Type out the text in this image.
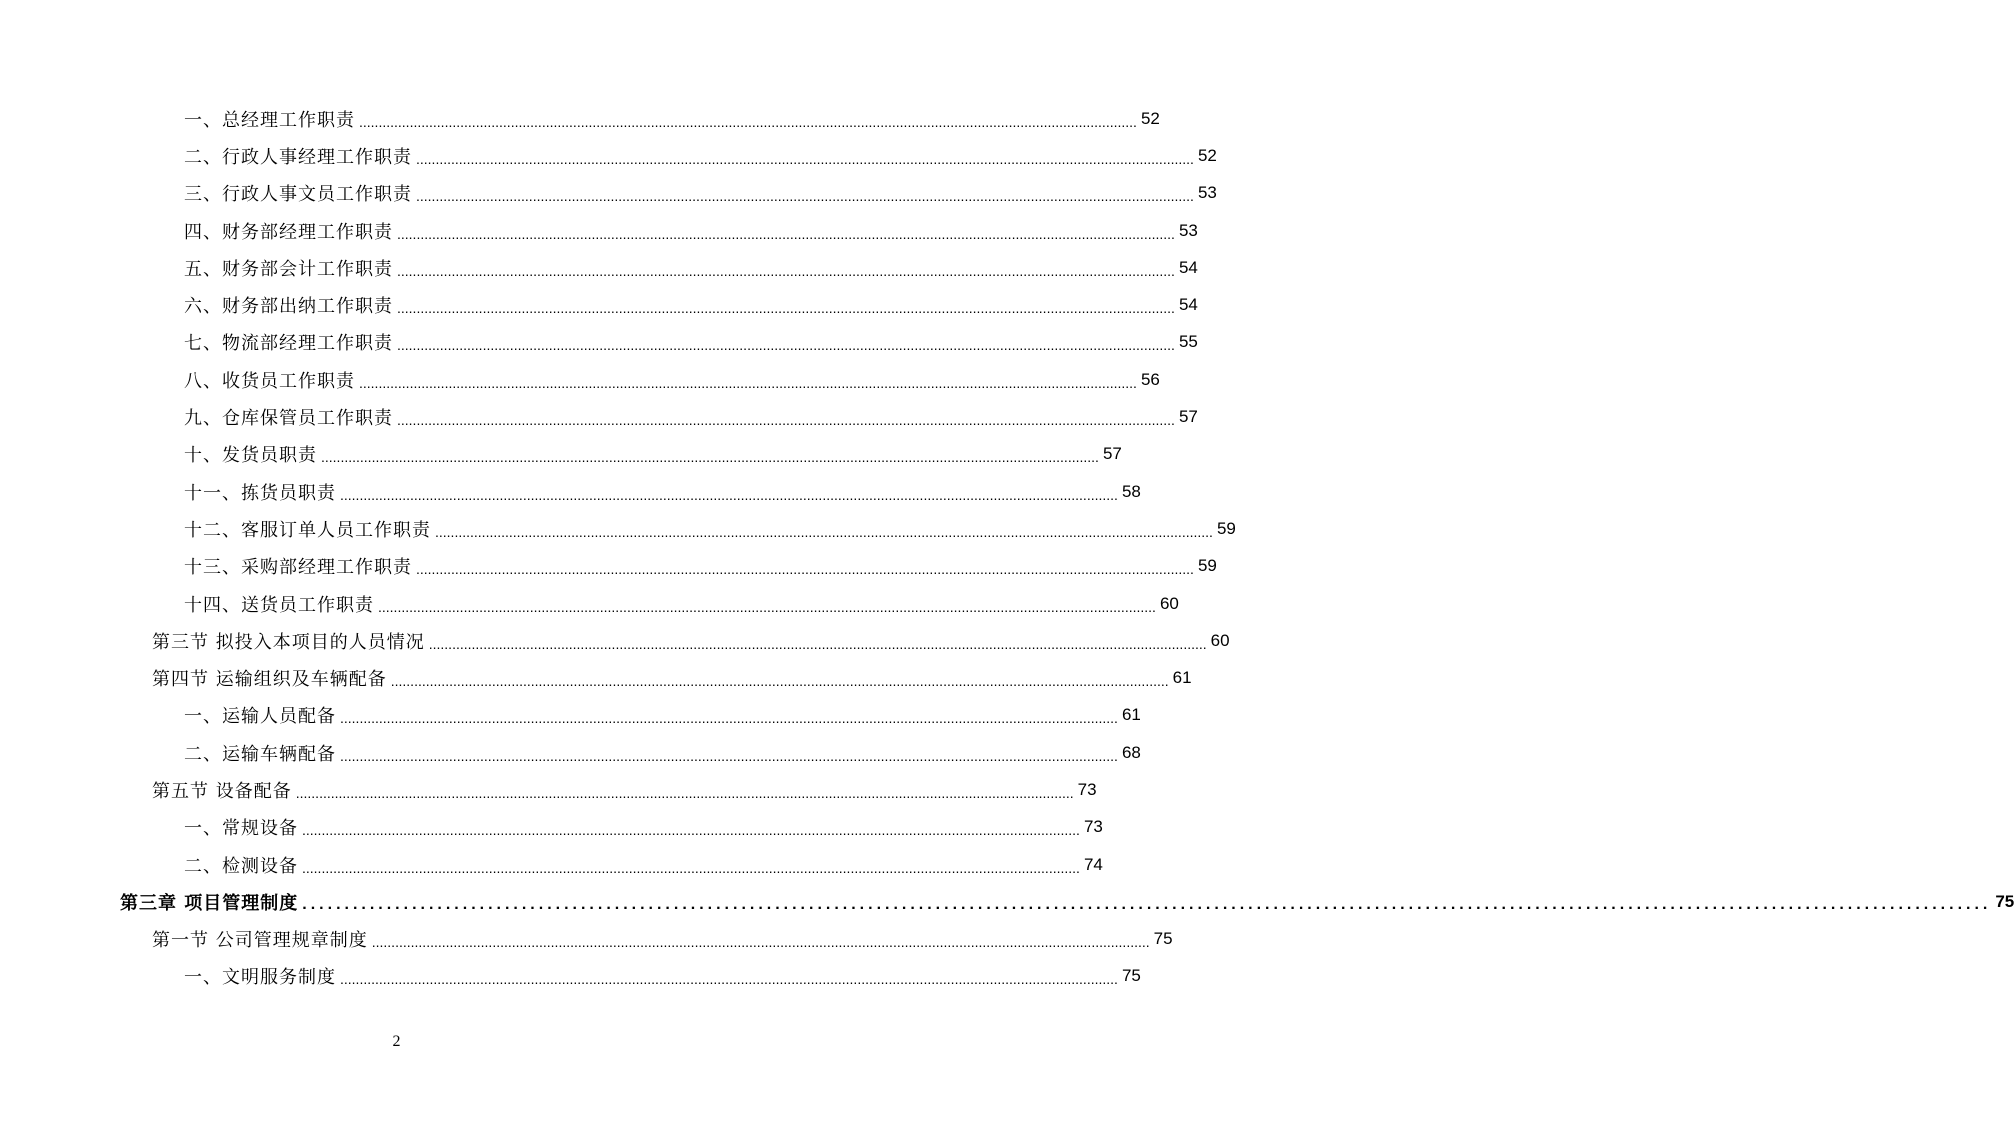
一、总经理工作职责 ........................................................................................................................................................................................................ 52
二、行政人事经理工作职责 ........................................................................................................................................................................................................ 52
三、行政人事文员工作职责 ........................................................................................................................................................................................................ 53
四、财务部经理工作职责 ........................................................................................................................................................................................................ 53
五、财务部会计工作职责 ........................................................................................................................................................................................................ 54
六、财务部出纳工作职责 ........................................................................................................................................................................................................ 54
七、物流部经理工作职责 ........................................................................................................................................................................................................ 55
八、收货员工作职责 ........................................................................................................................................................................................................ 56
九、仓库保管员工作职责 ........................................................................................................................................................................................................ 57
十、发货员职责 ........................................................................................................................................................................................................ 57
十一、拣货员职责 ........................................................................................................................................................................................................ 58
十二、客服订单人员工作职责 ........................................................................................................................................................................................................ 59
十三、采购部经理工作职责 ........................................................................................................................................................................................................ 59
十四、送货员工作职责 ........................................................................................................................................................................................................ 60
第三节 拟投入本项目的人员情况 ........................................................................................................................................................................................................ 60
第四节 运输组织及车辆配备 ........................................................................................................................................................................................................ 61
一、运输人员配备 ........................................................................................................................................................................................................ 61
二、运输车辆配备 ........................................................................................................................................................................................................ 68
第五节 设备配备 ........................................................................................................................................................................................................ 73
一、常规设备 ........................................................................................................................................................................................................ 73
二、检测设备 ........................................................................................................................................................................................................ 74
第三章 项目管理制度 ........................................................................................................................................................................................................ 75
第一节 公司管理规章制度 ........................................................................................................................................................................................................ 75
一、文明服务制度 ........................................................................................................................................................................................................ 75
2
